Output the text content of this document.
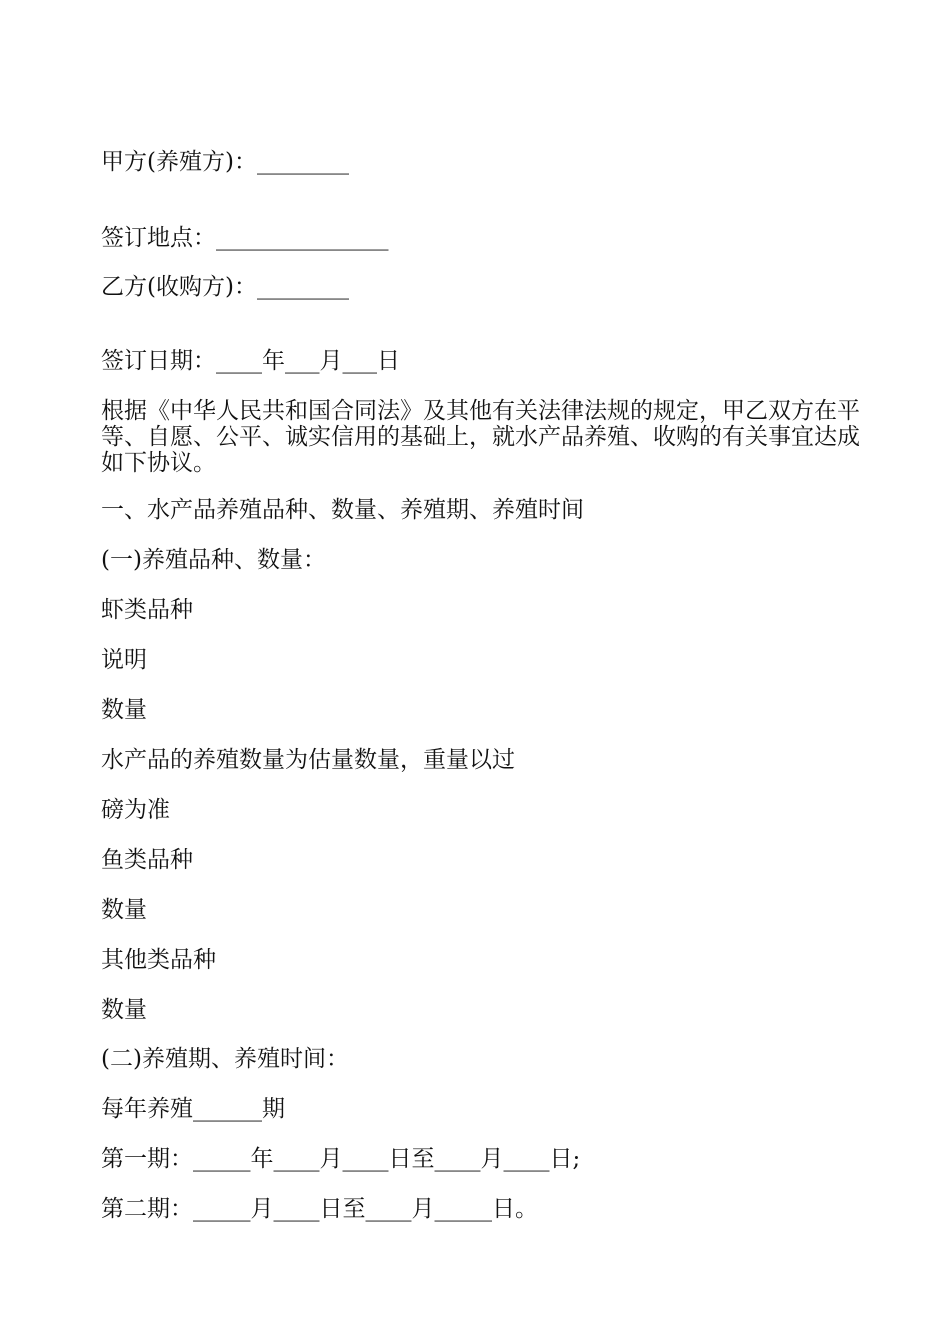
甲方(养殖方)：________
签订地点：_______________
乙方(收购方)：________
签订日期：____年___月___日
根据《中华人民共和国合同法》及其他有关法律法规的规定，甲乙双方在平等、自愿、公平、诚实信用的基础上，就水产品养殖、收购的有关事宜达成如下协议。
一、水产品养殖品种、数量、养殖期、养殖时间
(一)养殖品种、数量：
虾类品种
说明
数量
水产品的养殖数量为估量数量，重量以过
磅为准
鱼类品种
数量
其他类品种
数量
(二)养殖期、养殖时间：
每年养殖______期
第一期：_____年____月____日至____月____日;
第二期：_____月____日至____月_____日。
